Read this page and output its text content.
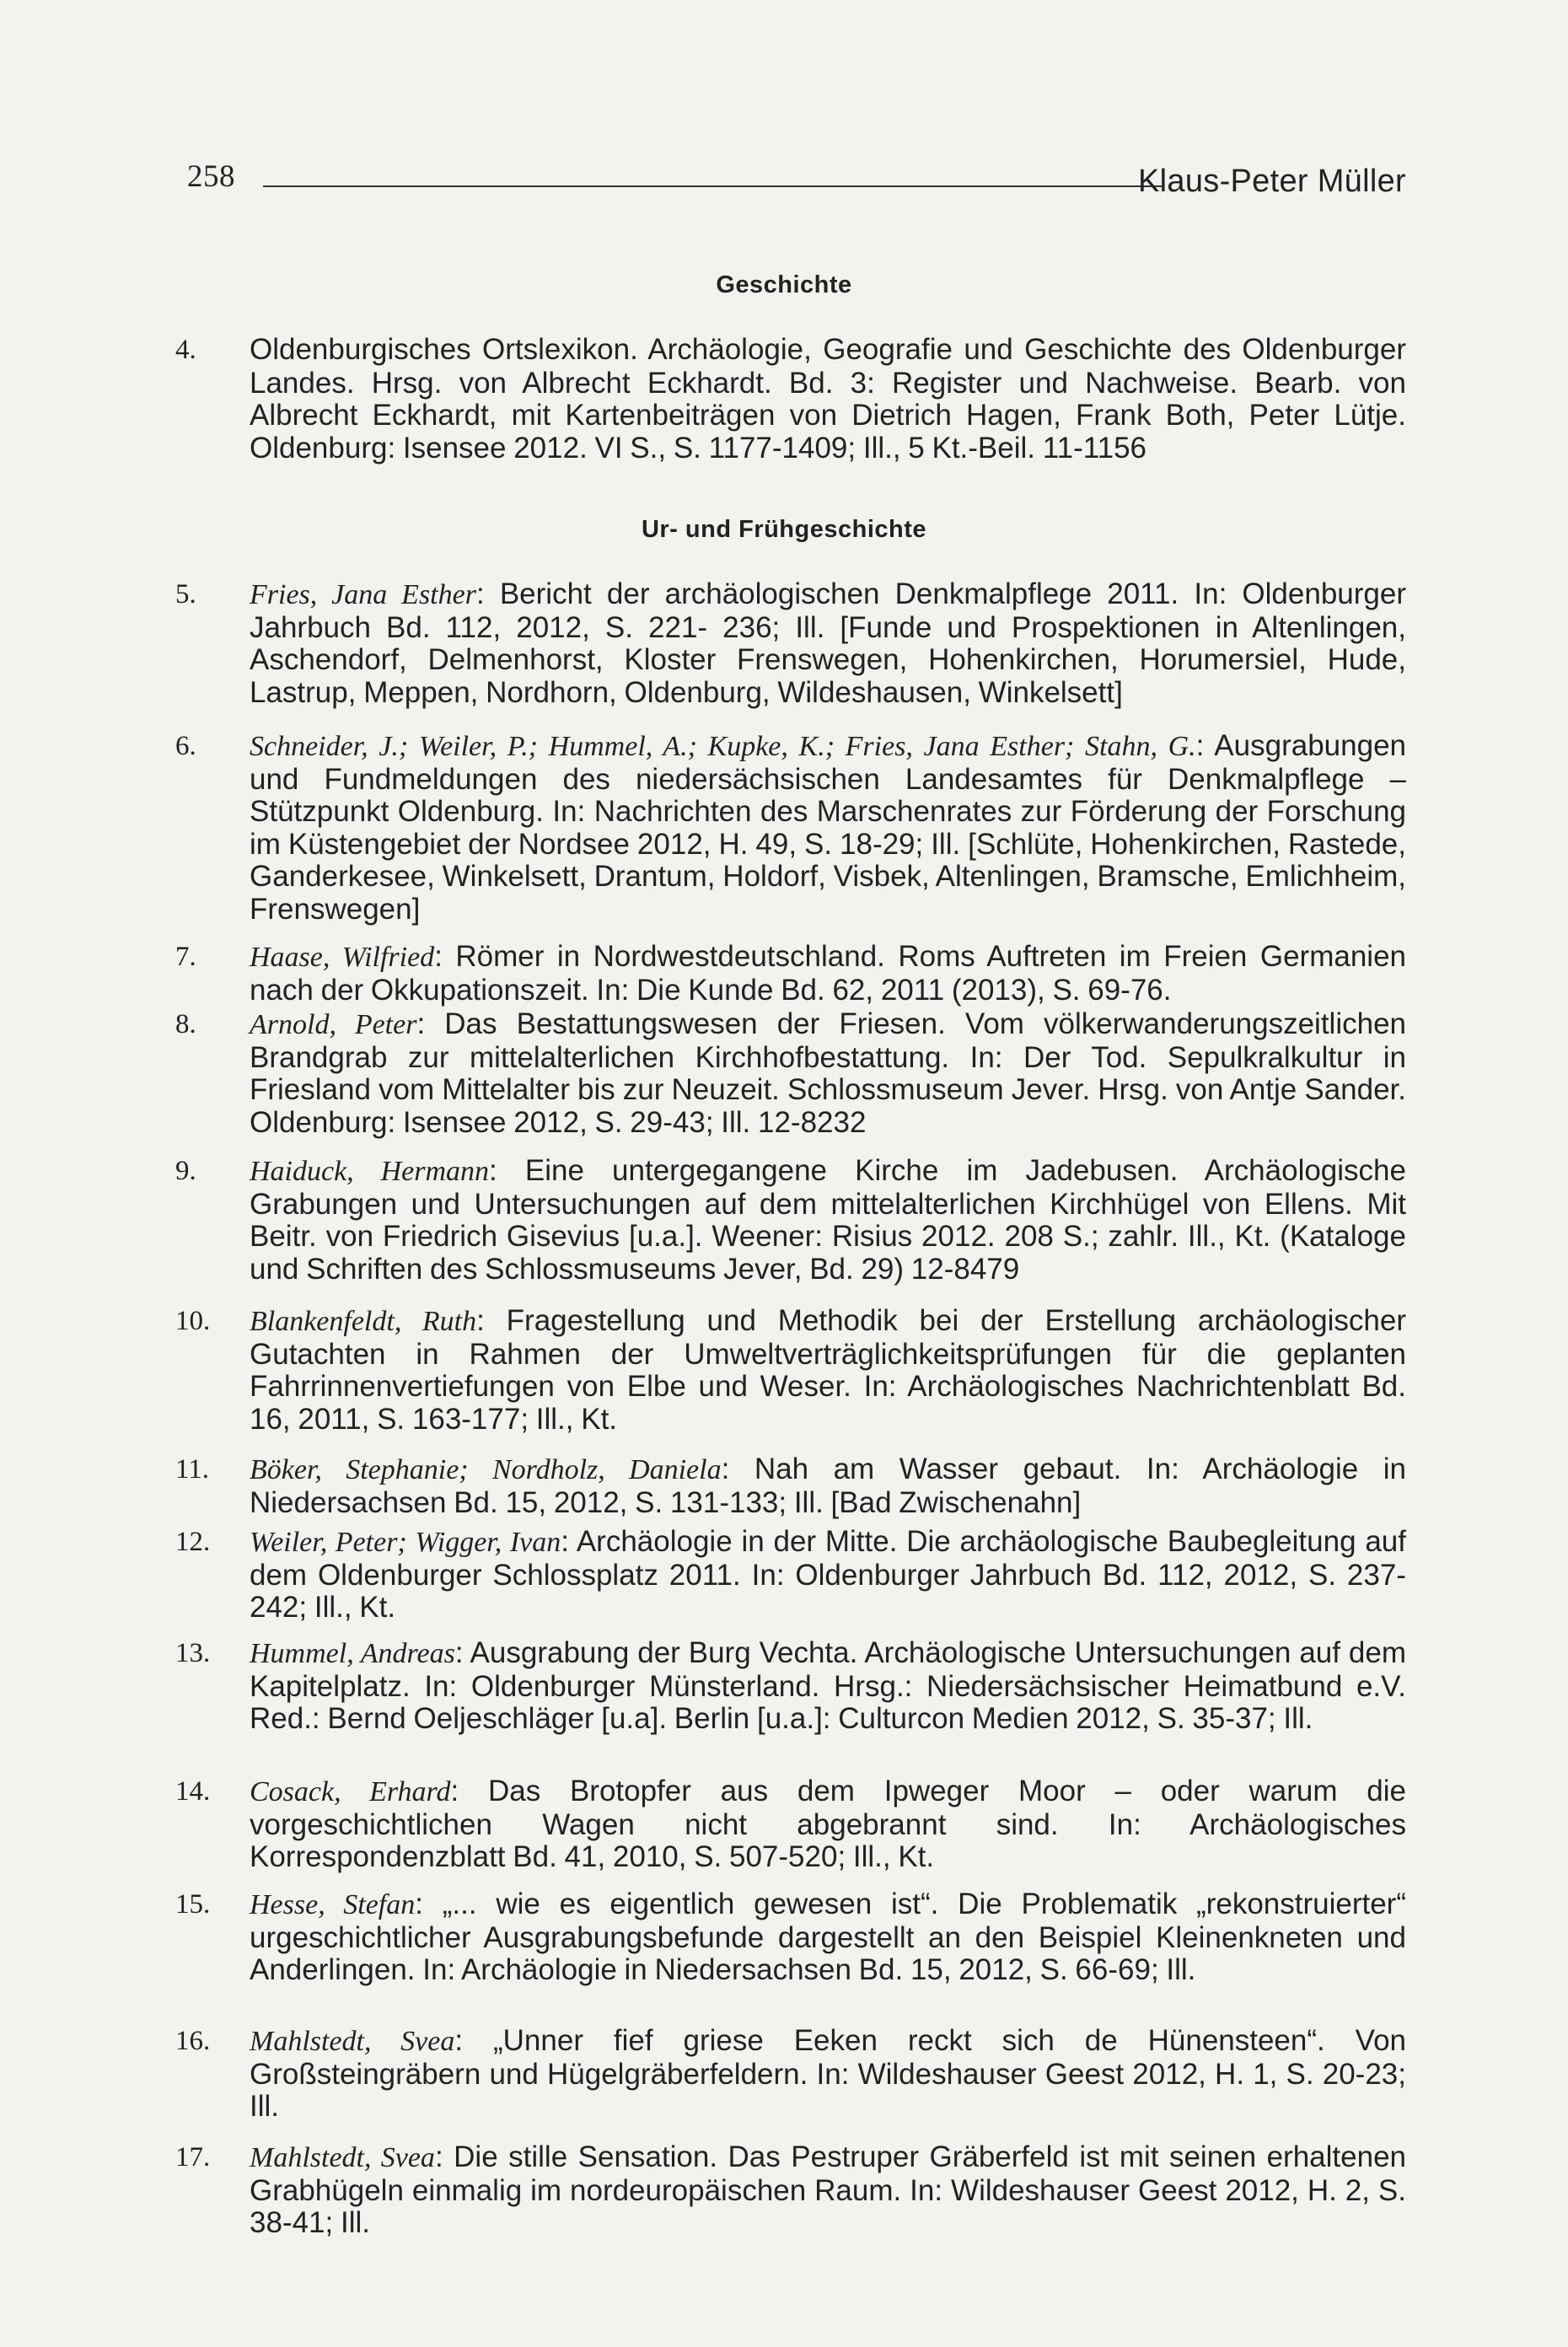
258	Klaus-Peter Müller
Geschichte
4. Oldenburgisches Ortslexikon. Archäologie, Geografie und Geschichte des Oldenburger Landes. Hrsg. von Albrecht Eckhardt. Bd. 3: Register und Nachweise. Bearb. von Albrecht Eckhardt, mit Kartenbeiträgen von Dietrich Hagen, Frank Both, Peter Lütje. Oldenburg: Isensee 2012. VI S., S. 1177-1409; Ill., 5 Kt.-Beil. 11-1156
Ur- und Frühgeschichte
5. Fries, Jana Esther: Bericht der archäologischen Denkmalpflege 2011. In: Oldenburger Jahrbuch Bd. 112, 2012, S. 221- 236; Ill. [Funde und Prospektionen in Altenlingen, Aschendorf, Delmenhorst, Kloster Frenswegen, Hohenkirchen, Horumersiel, Hude, Lastrup, Meppen, Nordhorn, Oldenburg, Wildeshausen, Winkelsett]
6. Schneider, J.; Weiler, P.; Hummel, A.; Kupke, K.; Fries, Jana Esther; Stahn, G.: Ausgrabungen und Fundmeldungen des niedersächsischen Landesamtes für Denkmalpflege – Stützpunkt Oldenburg. In: Nachrichten des Marschenrates zur Förderung der Forschung im Küstengebiet der Nordsee 2012, H. 49, S. 18-29; Ill. [Schlüte, Hohenkirchen, Rastede, Ganderkesee, Winkelsett, Drantum, Holdorf, Visbek, Altenlingen, Bramsche, Emlichheim, Frenswegen]
7. Haase, Wilfried: Römer in Nordwestdeutschland. Roms Auftreten im Freien Germanien nach der Okkupationszeit. In: Die Kunde Bd. 62, 2011 (2013), S. 69-76.
8. Arnold, Peter: Das Bestattungswesen der Friesen. Vom völkerwanderungszeitlichen Brandgrab zur mittelalterlichen Kirchhofbestattung. In: Der Tod. Sepulkralkultur in Friesland vom Mittelalter bis zur Neuzeit. Schlossmuseum Jever. Hrsg. von Antje Sander. Oldenburg: Isensee 2012, S. 29-43; Ill. 12-8232
9. Haiduck, Hermann: Eine untergegangene Kirche im Jadebusen. Archäologische Grabungen und Untersuchungen auf dem mittelalterlichen Kirchhügel von Ellens. Mit Beitr. von Friedrich Gisevius [u.a.]. Weener: Risius 2012. 208 S.; zahlr. Ill., Kt. (Kataloge und Schriften des Schlossmuseums Jever, Bd. 29) 12-8479
10. Blankenfeldt, Ruth: Fragestellung und Methodik bei der Erstellung archäologischer Gutachten in Rahmen der Umweltverträglichkeitsprüfungen für die geplanten Fahrrinnenvertiefungen von Elbe und Weser. In: Archäologisches Nachrichtenblatt Bd. 16, 2011, S. 163-177; Ill., Kt.
11. Böker, Stephanie; Nordholz, Daniela: Nah am Wasser gebaut. In: Archäologie in Niedersachsen Bd. 15, 2012, S. 131-133; Ill. [Bad Zwischenahn]
12. Weiler, Peter; Wigger, Ivan: Archäologie in der Mitte. Die archäologische Baubegleitung auf dem Oldenburger Schlossplatz 2011. In: Oldenburger Jahrbuch Bd. 112, 2012, S. 237-242; Ill., Kt.
13. Hummel, Andreas: Ausgrabung der Burg Vechta. Archäologische Untersuchungen auf dem Kapitelplatz. In: Oldenburger Münsterland. Hrsg.: Niedersächsischer Heimatbund e.V. Red.: Bernd Oeljeschläger [u.a]. Berlin [u.a.]: Culturcon Medien 2012, S. 35-37; Ill.
14. Cosack, Erhard: Das Brotopfer aus dem Ipweger Moor – oder warum die vorgeschichtlichen Wagen nicht abgebrannt sind. In: Archäologisches Korrespondenzblatt Bd. 41, 2010, S. 507-520; Ill., Kt.
15. Hesse, Stefan: „... wie es eigentlich gewesen ist“. Die Problematik „rekonstruierter“ urgeschichtlicher Ausgrabungsbefunde dargestellt an den Beispiel Kleinenkneten und Anderlingen. In: Archäologie in Niedersachsen Bd. 15, 2012, S. 66-69; Ill.
16. Mahlstedt, Svea: „Unner fief griese Eeken reckt sich de Hünensteen“. Von Großsteingräbern und Hügelgräberfeldern. In: Wildeshauser Geest 2012, H. 1, S. 20-23; Ill.
17. Mahlstedt, Svea: Die stille Sensation. Das Pestruper Gräberfeld ist mit seinen erhaltenen Grabhügeln einmalig im nordeuropäischen Raum. In: Wildeshauser Geest 2012, H. 2, S. 38-41; Ill.
